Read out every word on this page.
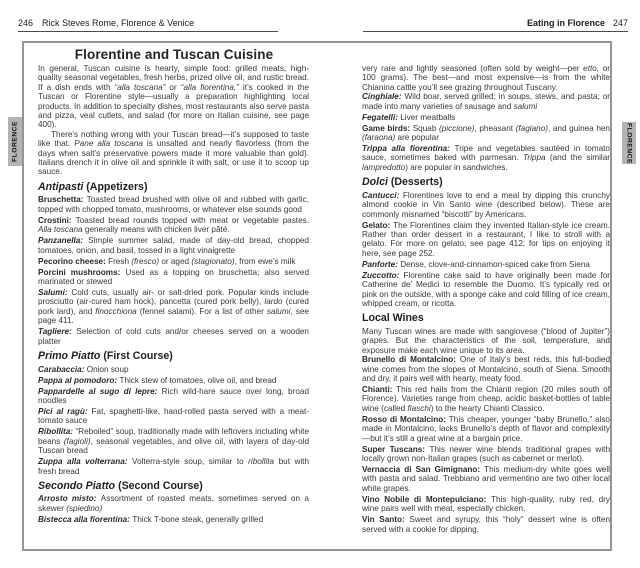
246 Rick Steves Rome, Florence & Venice	Eating in Florence 247
FLORENCE	FLORENCE
Florentine and Tuscan Cuisine

In general, Tuscan cuisine is hearty, simple food: grilled meats, high-quality seasonal vegetables, fresh herbs, prized olive oil, and rustic bread. If a dish ends with “alla toscana” or “alla fiorentina,” it’s cooked in the Tuscan or Florentine style—usually a preparation highlighting local products. In addition to specialty dishes, most restaurants also serve pasta and pizza, veal cutlets, and salad (for more on Italian cuisine, see page 400).

There’s nothing wrong with your Tuscan bread—it’s supposed to taste like that. Pane alla toscana is unsalted and nearly flavorless (from the days when salt’s preservative powers made it more valuable than gold). Italians drench it in olive oil and sprinkle it with salt, or use it to scoop up sauce.

Antipasti (Appetizers)

Bruschetta: Toasted bread brushed with olive oil and rubbed with garlic, topped with chopped tomato, mushrooms, or whatever else sounds good

Crostini: Toasted bread rounds topped with meat or vegetable pastes. Alla toscana generally means with chicken liver pâté.

Panzanella: Simple summer salad, made of day-old bread, chopped tomatoes, onion, and basil, tossed in a light vinaigrette

Pecorino cheese: Fresh (fresco) or aged (stagionato), from ewe’s milk

Porcini mushrooms: Used as a topping on bruschetta; also served marinated or stewed

Salumi: Cold cuts, usually air- or salt-dried pork. Popular kinds include prosciutto (air-cured ham hock), pancetta (cured pork belly), lardo (cured pork lard), and finocchiona (fennel salami). For a list of other salumi, see page 411.

Tagliere: Selection of cold cuts and/or cheeses served on a wooden platter

Primo Piatto (First Course)

Carabaccia: Onion soup

Pappa al pomodoro: Thick stew of tomatoes, olive oil, and bread

Pappardelle al sugo di lepre: Rich wild-hare sauce over long, broad noodles

Pici al ragù: Fat, spaghetti-like, hand-rolled pasta served with a meat-tomato sauce

Ribollita: “Reboiled” soup, traditionally made with leftovers including white beans (fagioli), seasonal vegetables, and olive oil, with layers of day-old Tuscan bread

Zuppa alla volterrana: Volterra-style soup, similar to ribollita but with fresh bread

Secondo Piatto (Second Course)

Arrosto misto: Assortment of roasted meats, sometimes served on a skewer (spiedino)

Bistecca alla fiorentina: Thick T-bone steak, generally grilled

very rare and lightly seasoned (often sold by weight—per etto, or 100 grams). The best—and most expensive—is from the white Chianina cattle you’ll see grazing throughout Tuscany.

Cinghiale: Wild boar, served grilled; in soups, stews, and pasta; or made into many varieties of sausage and salumi

Fegatelli: Liver meatballs

Game birds: Squab (piccione), pheasant (fagiano), and guinea hen (faraona) are popular

Trippa alla fiorentina: Tripe and vegetables sautéed in tomato sauce, sometimes baked with parmesan. Trippa (and the similar lampredotto) are popular in sandwiches.

Dolci (Desserts)

Cantucci: Florentines love to end a meal by dipping this crunchy almond cookie in Vin Santo wine (described below). These are commonly misnamed “biscotti” by Americans.

Gelato: The Florentines claim they invented Italian-style ice cream. Rather than order dessert in a restaurant, I like to stroll with a gelato. For more on gelato, see page 412; for tips on enjoying it here, see page 252.

Panforte: Dense, clove-and-cinnamon-spiced cake from Siena

Zuccotto: Florentine cake said to have originally been made for Catherine de’ Medici to resemble the Duomo. It’s typically red or pink on the outside, with a sponge cake and cold filling of ice cream, whipped cream, or ricotta.

Local Wines

Many Tuscan wines are made with sangiovese (“blood of Jupiter”) grapes. But the characteristics of the soil, temperature, and exposure make each wine unique to its area.

Brunello di Montalcino: One of Italy’s best reds, this full-bodied wine comes from the slopes of Montalcino, south of Siena. Smooth and dry, it pairs well with hearty, meaty food.

Chianti: This red hails from the Chianti region (20 miles south of Florence). Varieties range from cheap, acidic basket-bottles of table wine (called fiaschi) to the hearty Chianti Classico.

Rosso di Montalcino: This cheaper, younger “baby Brunello,” also made in Montalcino, lacks Brunello’s depth of flavor and complexity—but it’s still a great wine at a bargain price.

Super Tuscans: This newer wine blends traditional grapes with locally grown non-Italian grapes (such as cabernet or merlot).

Vernaccia di San Gimignano: This medium-dry white goes well with pasta and salad. Trebbiano and vermentino are two other local white grapes.

Vino Nobile di Montepulciano: This high-quality, ruby red, dry wine pairs well with meat, especially chicken.

Vin Santo: Sweet and syrupy, this “holy” dessert wine is often served with a cookie for dipping.
